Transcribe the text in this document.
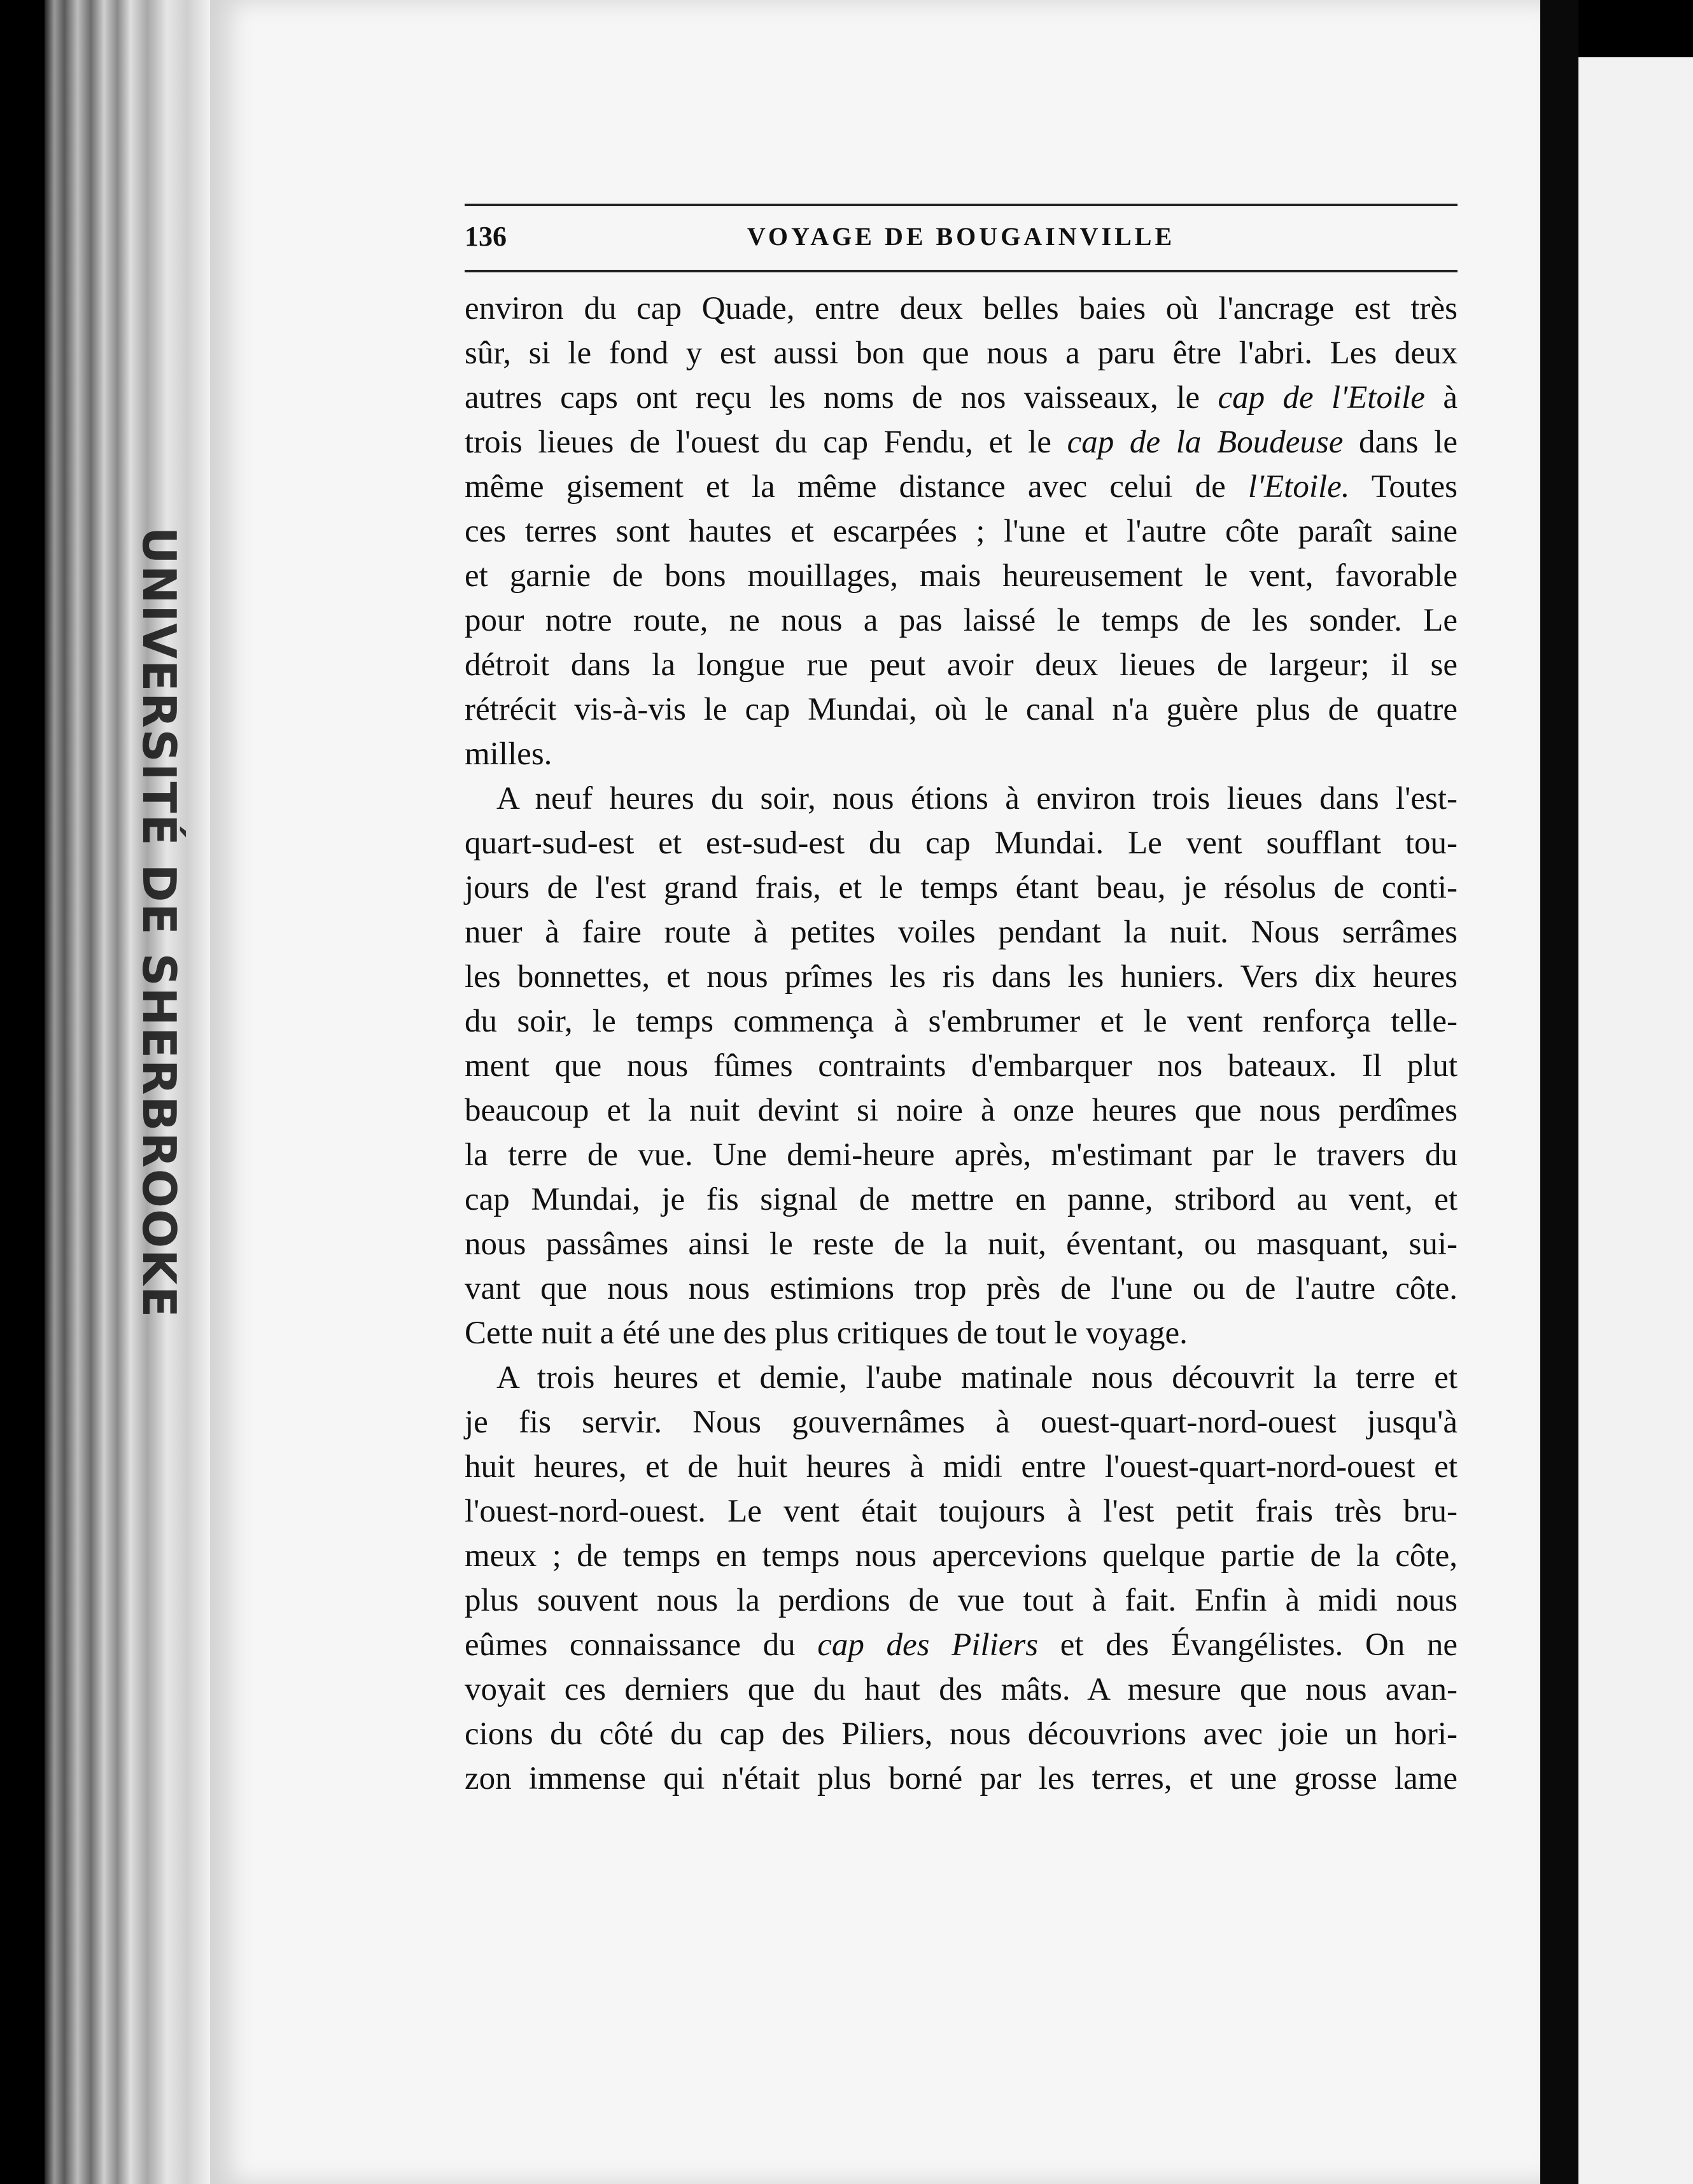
UNIVERSITÉ DE SHERBROOKE
136	VOYAGE DE BOUGAINVILLE
environ du cap Quade, entre deux belles baies où l'ancrage est très
sûr, si le fond y est aussi bon que nous a paru être l'abri. Les deux
autres caps ont reçu les noms de nos vaisseaux, le cap de l'Etoile à
trois lieues de l'ouest du cap Fendu, et le cap de la Boudeuse dans le
même gisement et la même distance avec celui de l'Etoile. Toutes
ces terres sont hautes et escarpées ; l'une et l'autre côte paraît saine
et garnie de bons mouillages, mais heureusement le vent, favorable
pour notre route, ne nous a pas laissé le temps de les sonder. Le
détroit dans la longue rue peut avoir deux lieues de largeur; il se
rétrécit vis-à-vis le cap Mundai, où le canal n'a guère plus de quatre
milles.
A neuf heures du soir, nous étions à environ trois lieues dans l'est-
quart-sud-est et est-sud-est du cap Mundai. Le vent soufflant tou-
jours de l'est grand frais, et le temps étant beau, je résolus de conti-
nuer à faire route à petites voiles pendant la nuit. Nous serrâmes
les bonnettes, et nous prîmes les ris dans les huniers. Vers dix heures
du soir, le temps commença à s'embrumer et le vent renforça telle-
ment que nous fûmes contraints d'embarquer nos bateaux. Il plut
beaucoup et la nuit devint si noire à onze heures que nous perdîmes
la terre de vue. Une demi-heure après, m'estimant par le travers du
cap Mundai, je fis signal de mettre en panne, stribord au vent, et
nous passâmes ainsi le reste de la nuit, éventant, ou masquant, sui-
vant que nous nous estimions trop près de l'une ou de l'autre côte.
Cette nuit a été une des plus critiques de tout le voyage.
A trois heures et demie, l'aube matinale nous découvrit la terre et
je fis servir. Nous gouvernâmes à ouest-quart-nord-ouest jusqu'à
huit heures, et de huit heures à midi entre l'ouest-quart-nord-ouest et
l'ouest-nord-ouest. Le vent était toujours à l'est petit frais très bru-
meux ; de temps en temps nous apercevions quelque partie de la côte,
plus souvent nous la perdions de vue tout à fait. Enfin à midi nous
eûmes connaissance du cap des Piliers et des Évangélistes. On ne
voyait ces derniers que du haut des mâts. A mesure que nous avan-
cions du côté du cap des Piliers, nous découvrions avec joie un hori-
zon immense qui n'était plus borné par les terres, et une grosse lame
